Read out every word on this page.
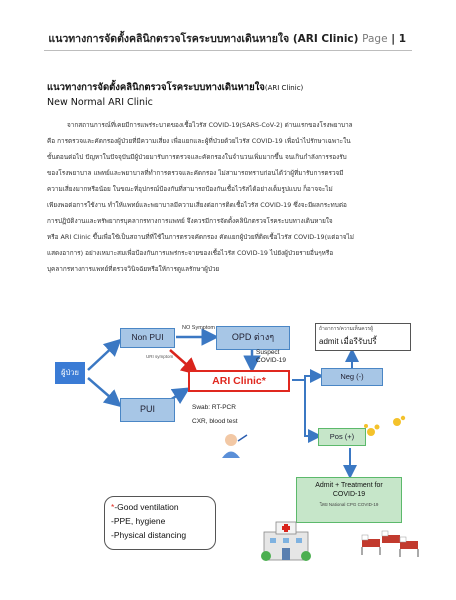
แนวทางการจัดตั้งคลินิกตรวจโรคระบบทางเดินหายใจ (ARI Clinic) Page | 1
แนวทางการจัดตั้งคลินิกตรวจโรคระบบทางเดินหายใจ(ARI Clinic)
New Normal ARI Clinic
จากสถานการณ์ที่เคยมีการแพร่ระบาดของเชื้อไวรัส COVID-19(SARS-CoV-2) ด่านแรกของโรงพยาบาล
คือ การตรวจและคัดกรองผู้ป่วยที่มีความเสี่ยง เพื่อแยกและผู้ที่ป่วยด้วยไวรัส COVID-19 เพื่อนำไปรักษาเฉพาะใน
ขั้นตอนต่อไป ปัญหาในปัจจุบันมีผู้ป่วยมารับการตรวจและคัดกรองในจำนวนเพิ่มมากขึ้น จนเกินกำลังการรองรับ
ของโรงพยาบาล แพทย์และพยาบาลที่ทำการตรวจและคัดกรอง ไม่สามารถทราบก่อนได้ว่าผู้ที่มารับการตรวจมี
ความเสี่ยงมากหรือน้อย ในขณะที่อุปกรณ์ป้องกันที่สามารถป้องกันเชื้อไวรัสได้อย่างเต็มรูปแบบ ก็อาจจะไม่
เพียงพอต่อการใช้งาน ทำให้แพทย์และพยาบาลมีความเสี่ยงต่อการติดเชื้อไวรัส COVID-19 ซึ่งจะมีผลกระทบต่อ
การปฏิบัติงานและทรัพยากรบุคลากรทางการแพทย์ จึงควรมีการจัดตั้งคลินิกตรวจโรคระบบทางเดินหายใจ
หรือ ARI Clinic ขึ้นเพื่อใช้เป็นสถานที่ที่ใช้ในการตรวจคัดกรอง คัดแยกผู้ป่วยที่ติดเชื้อไวรัส COVID-19(แต่อาจไม่
แสดงอาการ) อย่างเหมาะสมเพื่อป้องกันการแพร่กระจายของเชื้อไวรัส COVID-19 ไปยังผู้ป่วยรายอื่นๆหรือ
บุคลากรทางการแพทย์ที่ตรวจวินิจฉัยหรือให้การดูแลรักษาผู้ป่วย
ผู้ป่วย
Non PUI
NO Symptom
URI symptom
OPD ต่างๆ
Suspect
COVID-19
PUI
ARI Clinic*
Swab: RT-PCR
CXR, blood test
ถ้าอาการ/ความเห็นควรผู้
admit เมื่อรีรับปรี้
Neg (-)
Pos (+)
Admit + Treatment for
COVID-19
โดย National CPG COVID-19
*-Good ventilation
-PPE, hygiene
-Physical distancing
